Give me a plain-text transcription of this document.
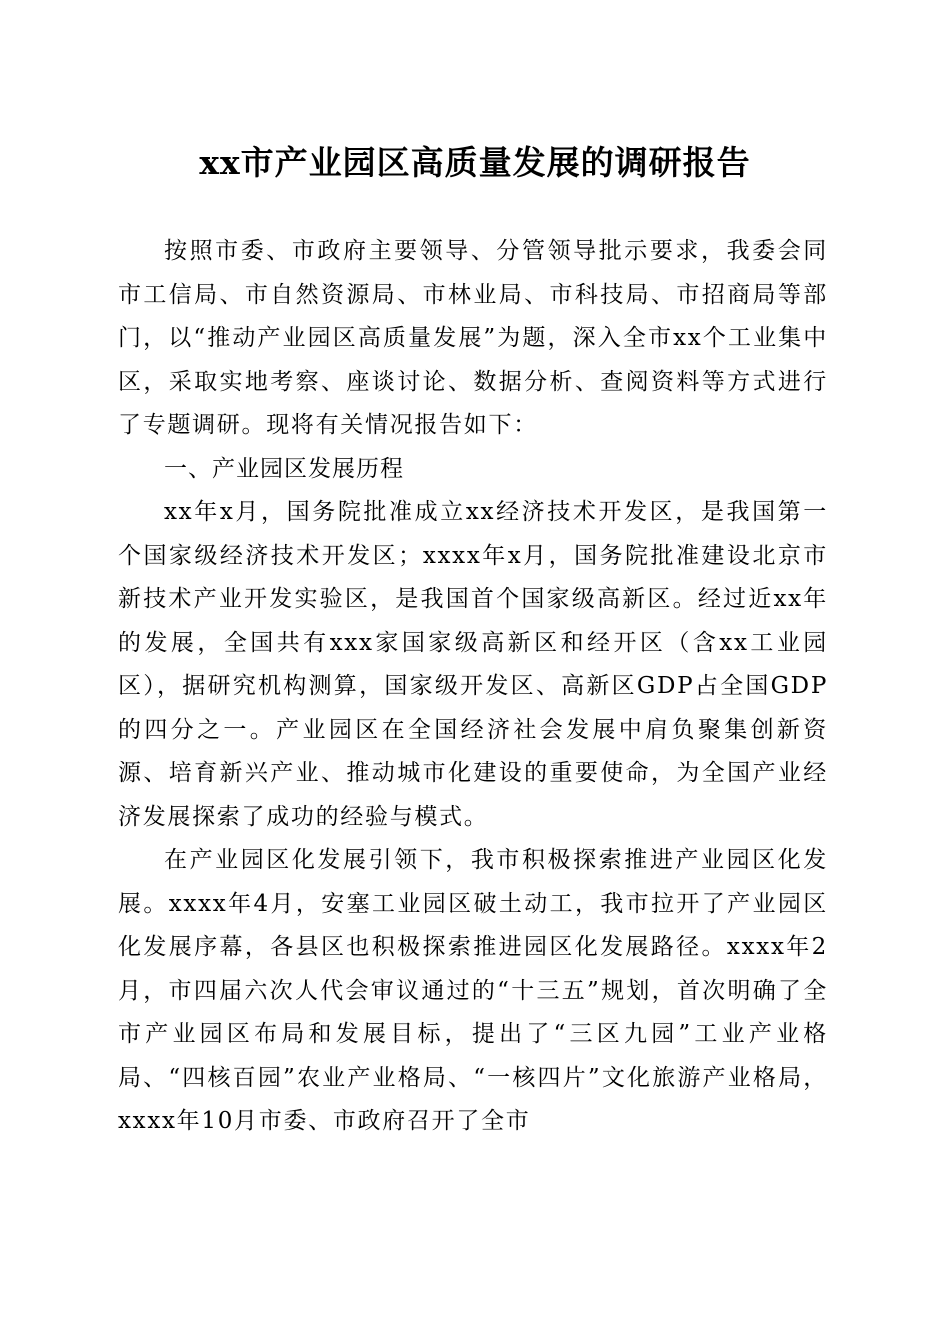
xx市产业园区高质量发展的调研报告

按照市委、市政府主要领导、分管领导批示要求，我委会同市工信局、市自然资源局、市林业局、市科技局、市招商局等部门，以“推动产业园区高质量发展”为题，深入全市xx个工业集中区，采取实地考察、座谈讨论、数据分析、查阅资料等方式进行了专题调研。现将有关情况报告如下：

一、产业园区发展历程

xx年x月，国务院批准成立xx经济技术开发区，是我国第一个国家级经济技术开发区；xxxx年x月，国务院批准建设北京市新技术产业开发实验区，是我国首个国家级高新区。经过近xx年的发展，全国共有xxx家国家级高新区和经开区（含xx工业园区），据研究机构测算，国家级开发区、高新区GDP占全国GDP的四分之一。产业园区在全国经济社会发展中肩负聚集创新资源、培育新兴产业、推动城市化建设的重要使命，为全国产业经济发展探索了成功的经验与模式。

在产业园区化发展引领下，我市积极探索推进产业园区化发展。xxxx年4月，安塞工业园区破土动工，我市拉开了产业园区化发展序幕，各县区也积极探索推进园区化发展路径。xxxx年2月，市四届六次人代会审议通过的“十三五”规划，首次明确了全市产业园区布局和发展目标，提出了“三区九园”工业产业格局、“四核百园”农业产业格局、“一核四片”文化旅游产业格局，xxxx年10月市委、市政府召开了全市
